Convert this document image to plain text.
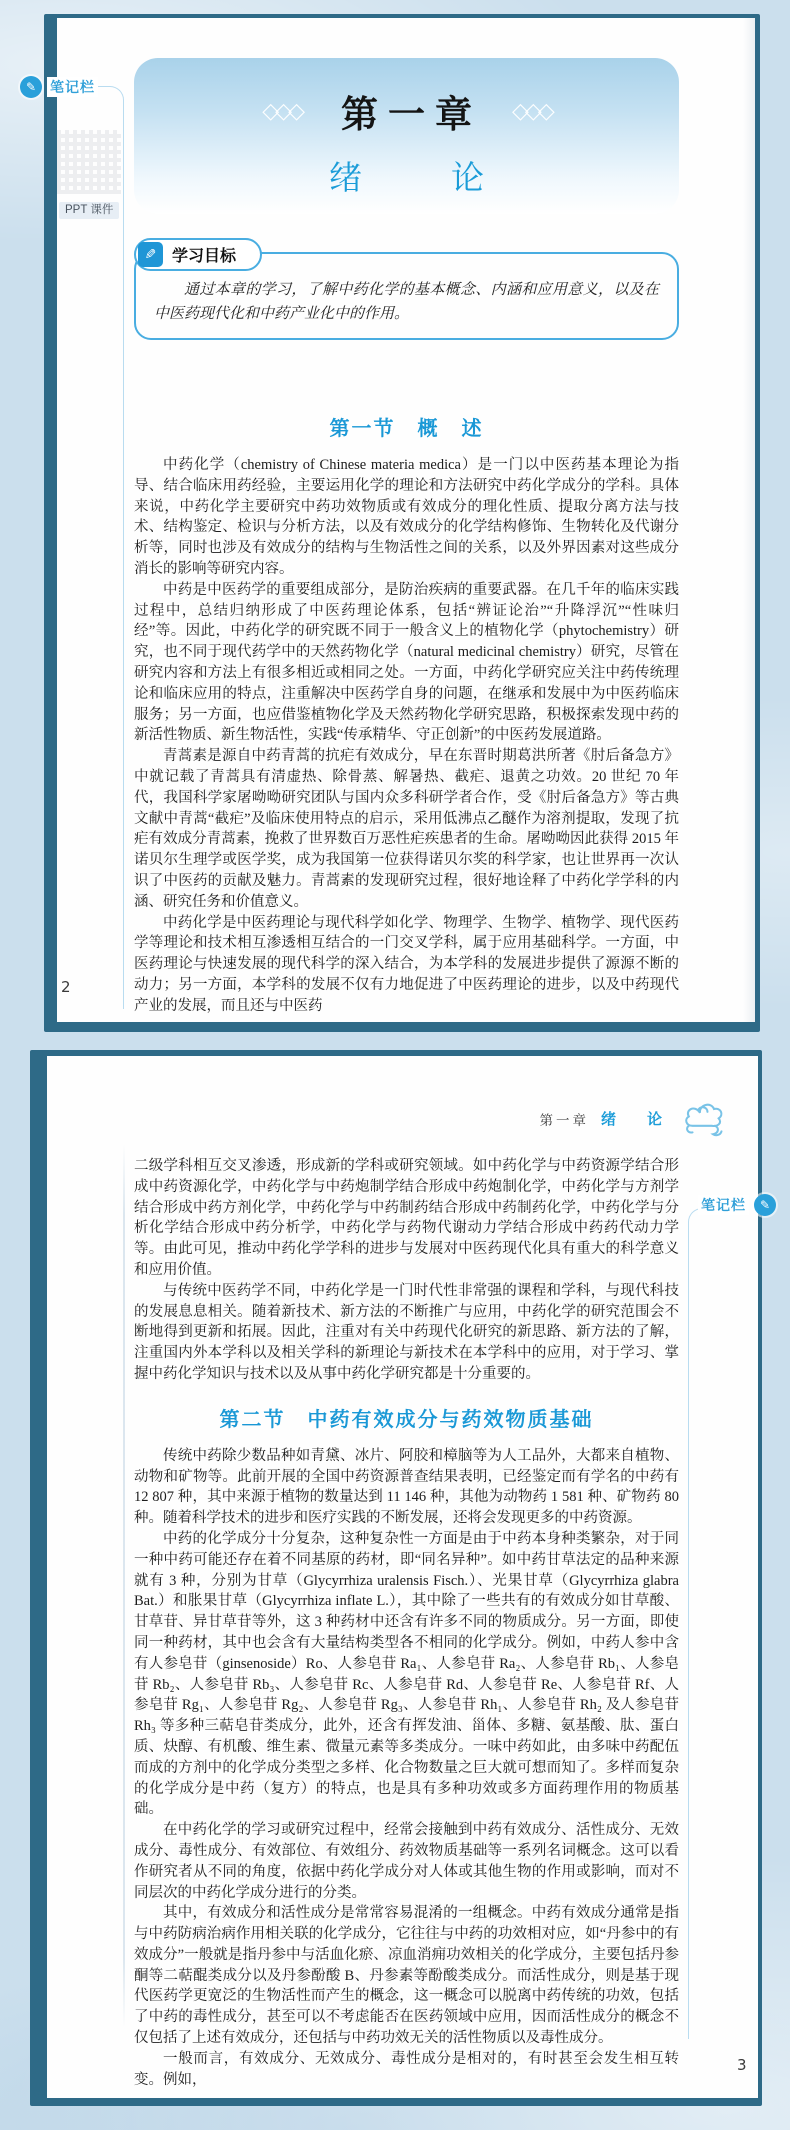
PPT 课件
◇◇◇ 第一章 ◇◇◇
绪　论
✎ 学习目标

通过本章的学习，了解中药化学的基本概念、内涵和应用意义，以及在中医药现代化和中药产业化中的作用。

第一节　概　述

中药化学（chemistry of Chinese materia medica）是一门以中医药基本理论为指导、结合临床用药经验，主要运用化学的理论和方法研究中药化学成分的学科。具体来说，中药化学主要研究中药功效物质或有效成分的理化性质、提取分离方法与技术、结构鉴定、检识与分析方法，以及有效成分的化学结构修饰、生物转化及代谢分析等，同时也涉及有效成分的结构与生物活性之间的关系，以及外界因素对这些成分消长的影响等研究内容。

中药是中医药学的重要组成部分，是防治疾病的重要武器。在几千年的临床实践过程中，总结归纳形成了中医药理论体系，包括“辨证论治”“升降浮沉”“性味归经”等。因此，中药化学的研究既不同于一般含义上的植物化学（phytochemistry）研究，也不同于现代药学中的天然药物化学（natural medicinal chemistry）研究，尽管在研究内容和方法上有很多相近或相同之处。一方面，中药化学研究应关注中药传统理论和临床应用的特点，注重解决中医药学自身的问题，在继承和发展中为中医药临床服务；另一方面，也应借鉴植物化学及天然药物化学研究思路，积极探索发现中药的新活性物质、新生物活性，实践“传承精华、守正创新”的中医药发展道路。

青蒿素是源自中药青蒿的抗疟有效成分，早在东晋时期葛洪所著《肘后备急方》中就记载了青蒿具有清虚热、除骨蒸、解暑热、截疟、退黄之功效。20 世纪 70 年代，我国科学家屠呦呦研究团队与国内众多科研学者合作，受《肘后备急方》等古典文献中青蒿“截疟”及临床使用特点的启示，采用低沸点乙醚作为溶剂提取，发现了抗疟有效成分青蒿素，挽救了世界数百万恶性疟疾患者的生命。屠呦呦因此获得 2015 年诺贝尔生理学或医学奖，成为我国第一位获得诺贝尔奖的科学家，也让世界再一次认识了中医药的贡献及魅力。青蒿素的发现研究过程，很好地诠释了中药化学学科的内涵、研究任务和价值意义。

中药化学是中医药理论与现代科学如化学、物理学、生物学、植物学、现代医药学等理论和技术相互渗透相互结合的一门交叉学科，属于应用基础科学。一方面，中医药理论与快速发展的现代科学的深入结合，为本学科的发展进步提供了源源不断的动力；另一方面，本学科的发展不仅有力地促进了中医药理论的进步，以及中药现代产业的发展，而且还与中医药

2
✎ 笔记栏
第一章 绪　论

二级学科相互交叉渗透，形成新的学科或研究领域。如中药化学与中药资源学结合形成中药资源化学，中药化学与中药炮制学结合形成中药炮制化学，中药化学与方剂学结合形成中药方剂化学，中药化学与中药制药结合形成中药制药化学，中药化学与分析化学结合形成中药分析学，中药化学与药物代谢动力学结合形成中药药代动力学等。由此可见，推动中药化学学科的进步与发展对中医药现代化具有重大的科学意义和应用价值。

与传统中医药学不同，中药化学是一门时代性非常强的课程和学科，与现代科技的发展息息相关。随着新技术、新方法的不断推广与应用，中药化学的研究范围会不断地得到更新和拓展。因此，注重对有关中药现代化研究的新思路、新方法的了解，注重国内外本学科以及相关学科的新理论与新技术在本学科中的应用，对于学习、掌握中药化学知识与技术以及从事中药化学研究都是十分重要的。

第二节　中药有效成分与药效物质基础

传统中药除少数品种如青黛、冰片、阿胶和樟脑等为人工品外，大都来自植物、动物和矿物等。此前开展的全国中药资源普查结果表明，已经鉴定而有学名的中药有 12 807 种，其中来源于植物的数量达到 11 146 种，其他为动物药 1 581 种、矿物药 80 种。随着科学技术的进步和医疗实践的不断发展，还将会发现更多的中药资源。

中药的化学成分十分复杂，这种复杂性一方面是由于中药本身种类繁杂，对于同一种中药可能还存在着不同基原的药材，即“同名异种”。如中药甘草法定的品种来源就有 3 种，分别为甘草（Glycyrrhiza uralensis Fisch.）、光果甘草（Glycyrrhiza glabra Bat.）和胀果甘草（Glycyrrhiza inflate L.），其中除了一些共有的有效成分如甘草酸、甘草苷、异甘草苷等外，这 3 种药材中还含有许多不同的物质成分。另一方面，即使同一种药材，其中也会含有大量结构类型各不相同的化学成分。例如，中药人参中含有人参皂苷（ginsenoside）Ro、人参皂苷 Ra₁、人参皂苷 Ra₂、人参皂苷 Rb₁、人参皂苷 Rb₂、人参皂苷 Rb₃、人参皂苷 Rc、人参皂苷 Rd、人参皂苷 Re、人参皂苷 Rf、人参皂苷 Rg₁、人参皂苷 Rg₂、人参皂苷 Rg₃、人参皂苷 Rh₁、人参皂苷 Rh₂ 及人参皂苷 Rh₃ 等多种三萜皂苷类成分，此外，还含有挥发油、甾体、多糖、氨基酸、肽、蛋白质、炔醇、有机酸、维生素、微量元素等多类成分。一味中药如此，由多味中药配伍而成的方剂中的化学成分类型之多样、化合物数量之巨大就可想而知了。多样而复杂的化学成分是中药（复方）的特点，也是具有多种功效或多方面药理作用的物质基础。

在中药化学的学习或研究过程中，经常会接触到中药有效成分、活性成分、无效成分、毒性成分、有效部位、有效组分、药效物质基础等一系列名词概念。这可以看作研究者从不同的角度，依据中药化学成分对人体或其他生物的作用或影响，而对不同层次的中药化学成分进行的分类。

其中，有效成分和活性成分是常常容易混淆的一组概念。中药有效成分通常是指与中药防病治病作用相关联的化学成分，它往往与中药的功效相对应，如“丹参中的有效成分”一般就是指丹参中与活血化瘀、凉血消痈功效相关的化学成分，主要包括丹参酮等二萜醌类成分以及丹参酚酸 B、丹参素等酚酸类成分。而活性成分，则是基于现代医药学更宽泛的生物活性而产生的概念，这一概念可以脱离中药传统的功效，包括了中药的毒性成分，甚至可以不考虑能否在医药领域中应用，因而活性成分的概念不仅包括了上述有效成分，还包括与中药功效无关的活性物质以及毒性成分。

一般而言，有效成分、无效成分、毒性成分是相对的，有时甚至会发生相互转变。例如，

3
笔记栏 ✎
